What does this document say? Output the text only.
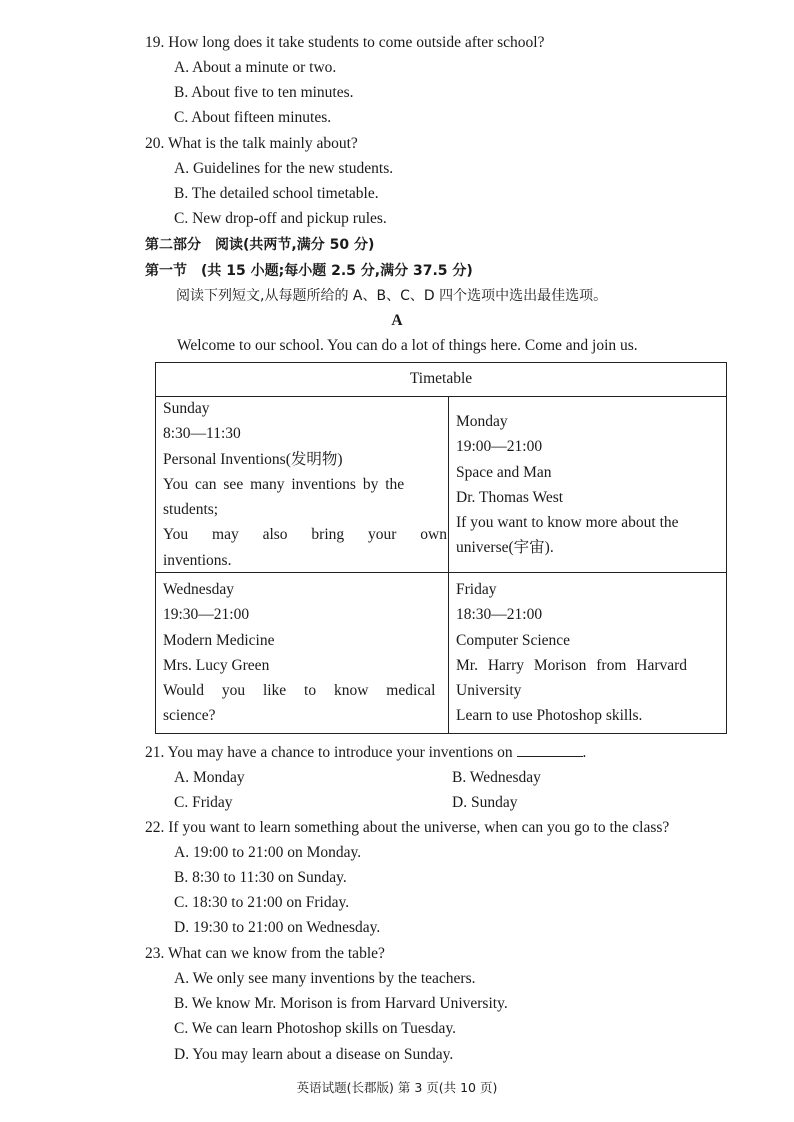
19. How long does it take students to come outside after school?
A. About a minute or two.
B. About five to ten minutes.
C. About fifteen minutes.
20. What is the talk mainly about?
A. Guidelines for the new students.
B. The detailed school timetable.
C. New drop-off and pickup rules.
第二部分　阅读(共两节,满分 50 分)
第一节　(共 15 小题;每小题 2.5 分,满分 37.5 分)
阅读下列短文,从每题所给的 A、B、C、D 四个选项中选出最佳选项。
A
Welcome to our school. You can do a lot of things here. Come and join us.
Timetable
Sunday
8:30—11:30
Personal Inventions(发明物)
You can see many inventions by the
students;
You may also bring your own
inventions.
Monday
19:00—21:00
Space and Man
Dr. Thomas West
If you want to know more about the
universe(宇宙).
Wednesday
19:30—21:00
Modern Medicine
Mrs. Lucy Green
Would you like to know medical
science?
Friday
18:30—21:00
Computer Science
Mr. Harry Morison from Harvard
University
Learn to use Photoshop skills.
21. You may have a chance to introduce your inventions on	.
A. Monday	B. Wednesday
C. Friday	D. Sunday
22. If you want to learn something about the universe, when can you go to the class?
A. 19:00 to 21:00 on Monday.
B. 8:30 to 11:30 on Sunday.
C. 18:30 to 21:00 on Friday.
D. 19:30 to 21:00 on Wednesday.
23. What can we know from the table?
A. We only see many inventions by the teachers.
B. We know Mr. Morison is from Harvard University.
C. We can learn Photoshop skills on Tuesday.
D. You may learn about a disease on Sunday.
英语试题(长郡版) 第 3 页(共 10 页)
